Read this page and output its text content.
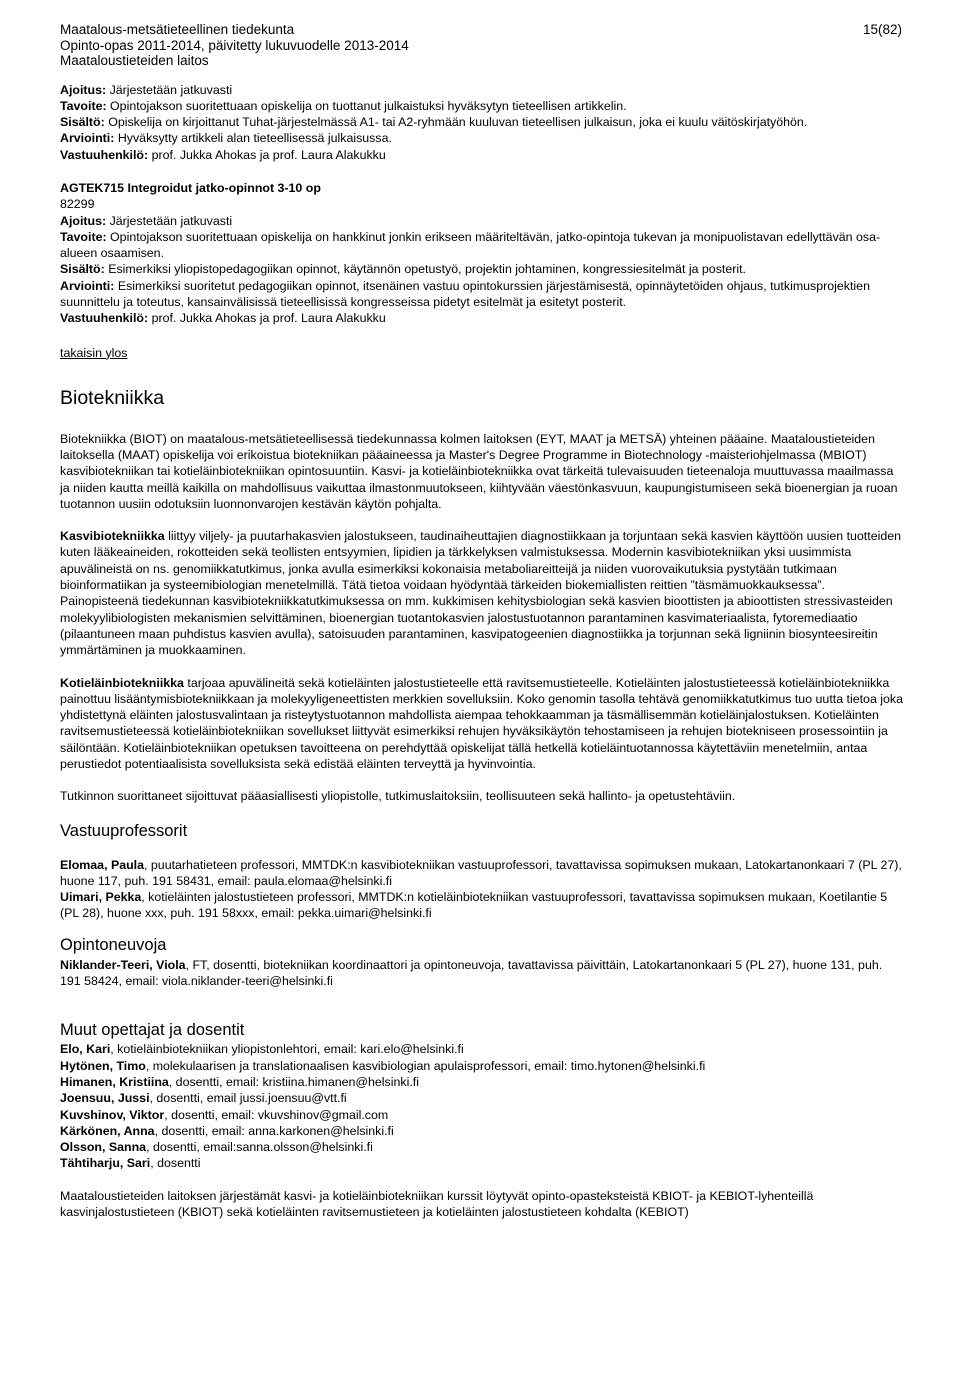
Maatalous-metsätieteellinen tiedekunta
Opinto-opas 2011-2014, päivitetty lukuvuodelle 2013-2014
Maataloustieteiden laitos
15(82)

Ajoitus: Järjestetään jatkuvasti

Tavoite: Opintojakson suoritettuaan opiskelija on tuottanut julkaistuksi hyväksytyn tieteellisen artikkelin.

Sisältö: Opiskelija on kirjoittanut Tuhat-järjestelmässä A1- tai A2-ryhmään kuuluvan tieteellisen julkaisun, joka ei kuulu väitöskirjatyöhön.

Arviointi: Hyväksytty artikkeli alan tieteellisessä julkaisussa.

Vastuuhenkilö: prof. Jukka Ahokas ja prof. Laura Alakukku

AGTEK715 Integroidut jatko-opinnot 3-10 op

82299

Ajoitus: Järjestetään jatkuvasti

Tavoite: Opintojakson suoritettuaan opiskelija on hankkinut jonkin erikseen määriteltävän, jatko-opintoja tukevan ja monipuolistavan edellyttävän osa-alueen osaamisen.

Sisältö: Esimerkiksi yliopistopedagogiikan opinnot, käytännön opetustyö, projektin johtaminen, kongressiesitelmät ja posterit.

Arviointi: Esimerkiksi suoritetut pedagogiikan opinnot, itsenäinen vastuu opintokurssien järjestämisestä, opinnäytetöiden ohjaus, tutkimusprojektien suunnittelu ja toteutus, kansainvälisissä tieteellisissä kongresseissa pidetyt esitelmät ja esitetyt posterit.

Vastuuhenkilö: prof. Jukka Ahokas ja prof. Laura Alakukku

takaisin ylos
Biotekniikka

Biotekniikka (BIOT) on maatalous-metsätieteellisessä tiedekunnassa kolmen laitoksen (EYT, MAAT ja METSÄ) yhteinen pääaine. Maataloustieteiden laitoksella (MAAT) opiskelija voi erikoistua biotekniikan pääaineessa ja Master's Degree Programme in Biotechnology -maisteriohjelmassa (MBIOT) kasvibiotekniikan tai kotieläinbiotekniikan opintosuuntiin. Kasvi- ja kotieläinbiotekniikka ovat tärkeitä tulevaisuuden tieteenaloja muuttuvassa maailmassa ja niiden kautta meillä kaikilla on mahdollisuus vaikuttaa ilmastonmuutokseen, kiihtyvään väestönkasvuun, kaupungistumiseen sekä bioenergian ja ruoan tuotannon uusiin odotuksiin luonnonvarojen kestävän käytön pohjalta.

Kasvibiotekniikka liittyy viljely- ja puutarhakasvien jalostukseen, taudinaiheuttajien diagnostiikkaan ja torjuntaan sekä kasvien käyttöön uusien tuotteiden kuten lääkeaineiden, rokotteiden sekä teollisten entsyymien, lipidien ja tärkkelyksen valmistuksessa. Modernin kasvibiotekniikan yksi uusimmista apuvälineistä on ns. genomiikkatutkimus, jonka avulla esimerkiksi kokonaisia metaboliareitteijä ja niiden vuorovaikutuksia pystytään tutkimaan bioinformatiikan ja systeemibiologian menetelmillä. Tätä tietoa voidaan hyödyntää tärkeiden biokemiallisten reittien ”täsmämuokkauksessa”.

Painopisteenä tiedekunnan kasvibiotekniikkatutkimuksessa on mm. kukkimisen kehitysbiologian sekä kasvien bioottisten ja abioottisten stressivasteiden molekyylibiologisten mekanismien selvittäminen, bioenergian tuotantokasvien jalostustuotannon parantaminen kasvimateriaalista, fytoremediaatio (pilaantuneen maan puhdistus kasvien avulla), satoisuuden parantaminen, kasvipatogeenien diagnostiikka ja torjunnan sekä ligniinin biosynteesireitin ymmärtäminen ja muokkaaminen.

Kotieläinbiotekniikka tarjoaa apuvälineitä sekä kotieläinten jalostustieteelle että ravitsemustieteelle. Kotieläinten jalostustieteessä kotieläinbiotekniikka painottuu lisääntymisbiotekniikkaan ja molekyyligeneettisten merkkien sovelluksiin. Koko genomin tasolla tehtävä genomiikkatutkimus tuo uutta tietoa joka yhdistettynä eläinten jalostusvalintaan ja risteytystuotannon mahdollista aiempaa tehokkaamman ja täsmällisemmän kotieläinjalostuksen. Kotieläinten ravitsemustieteessä kotieläinbiotekniikan sovellukset liittyvät esimerkiksi rehujen hyväksikäytön tehostamiseen ja rehujen biotekniseen prosessointiin ja säilöntään. Kotieläinbiotekniikan opetuksen tavoitteena on perehdyttää opiskelijat tällä hetkellä kotieläintuotannossa käytettäviin menetelmiin, antaa perustiedot potentiaalisista sovelluksista sekä edistää eläinten terveyttä ja hyvinvointia.

Tutkinnon suorittaneet sijoittuvat pääasiallisesti yliopistolle, tutkimuslaitoksiin, teollisuuteen sekä hallinto- ja opetustehtäviin.

Vastuuprofessorit

Elomaa, Paula, puutarhatieteen professori, MMTDK:n kasvibiotekniikan vastuuprofessori, tavattavissa sopimuksen mukaan, Latokartanonkaari 7 (PL 27), huone 117, puh. 191 58431, email: paula.elomaa@helsinki.fi

Uimari, Pekka, kotieläinten jalostustieteen professori, MMTDK:n kotieläinbiotekniikan vastuuprofessori, tavattavissa sopimuksen mukaan, Koetilantie 5 (PL 28), huone xxx, puh. 191 58xxx, email: pekka.uimari@helsinki.fi

Opintoneuvoja

Niklander-Teeri, Viola, FT, dosentti, biotekniikan koordinaattori ja opintoneuvoja, tavattavissa päivittäin, Latokartanonkaari 5 (PL 27), huone 131, puh. 191 58424, email: viola.niklander-teeri@helsinki.fi

Muut opettajat ja dosentit

Elo, Kari, kotieläinbiotekniikan yliopistonlehtori, email: kari.elo@helsinki.fi

Hytönen, Timo, molekulaarisen ja translationaalisen kasvibiologian apulaisprofessori, email: timo.hytonen@helsinki.fi

Himanen, Kristiina, dosentti, email: kristiina.himanen@helsinki.fi

Joensuu, Jussi, dosentti, email jussi.joensuu@vtt.fi

Kuvshinov, Viktor, dosentti, email: vkuvshinov@gmail.com

Kärkönen, Anna, dosentti, email: anna.karkonen@helsinki.fi

Olsson, Sanna, dosentti, email:sanna.olsson@helsinki.fi

Tähtiharju, Sari, dosentti

Maataloustieteiden laitoksen järjestämät kasvi- ja kotieläinbiotekniikan kurssit löytyvät opinto-opasteksteistä KBIOT- ja KEBIOT-lyhenteillä kasvinjalostustieteen (KBIOT) sekä kotieläinten ravitsemustieteen ja kotieläinten jalostustieteen kohdalta (KEBIOT)
